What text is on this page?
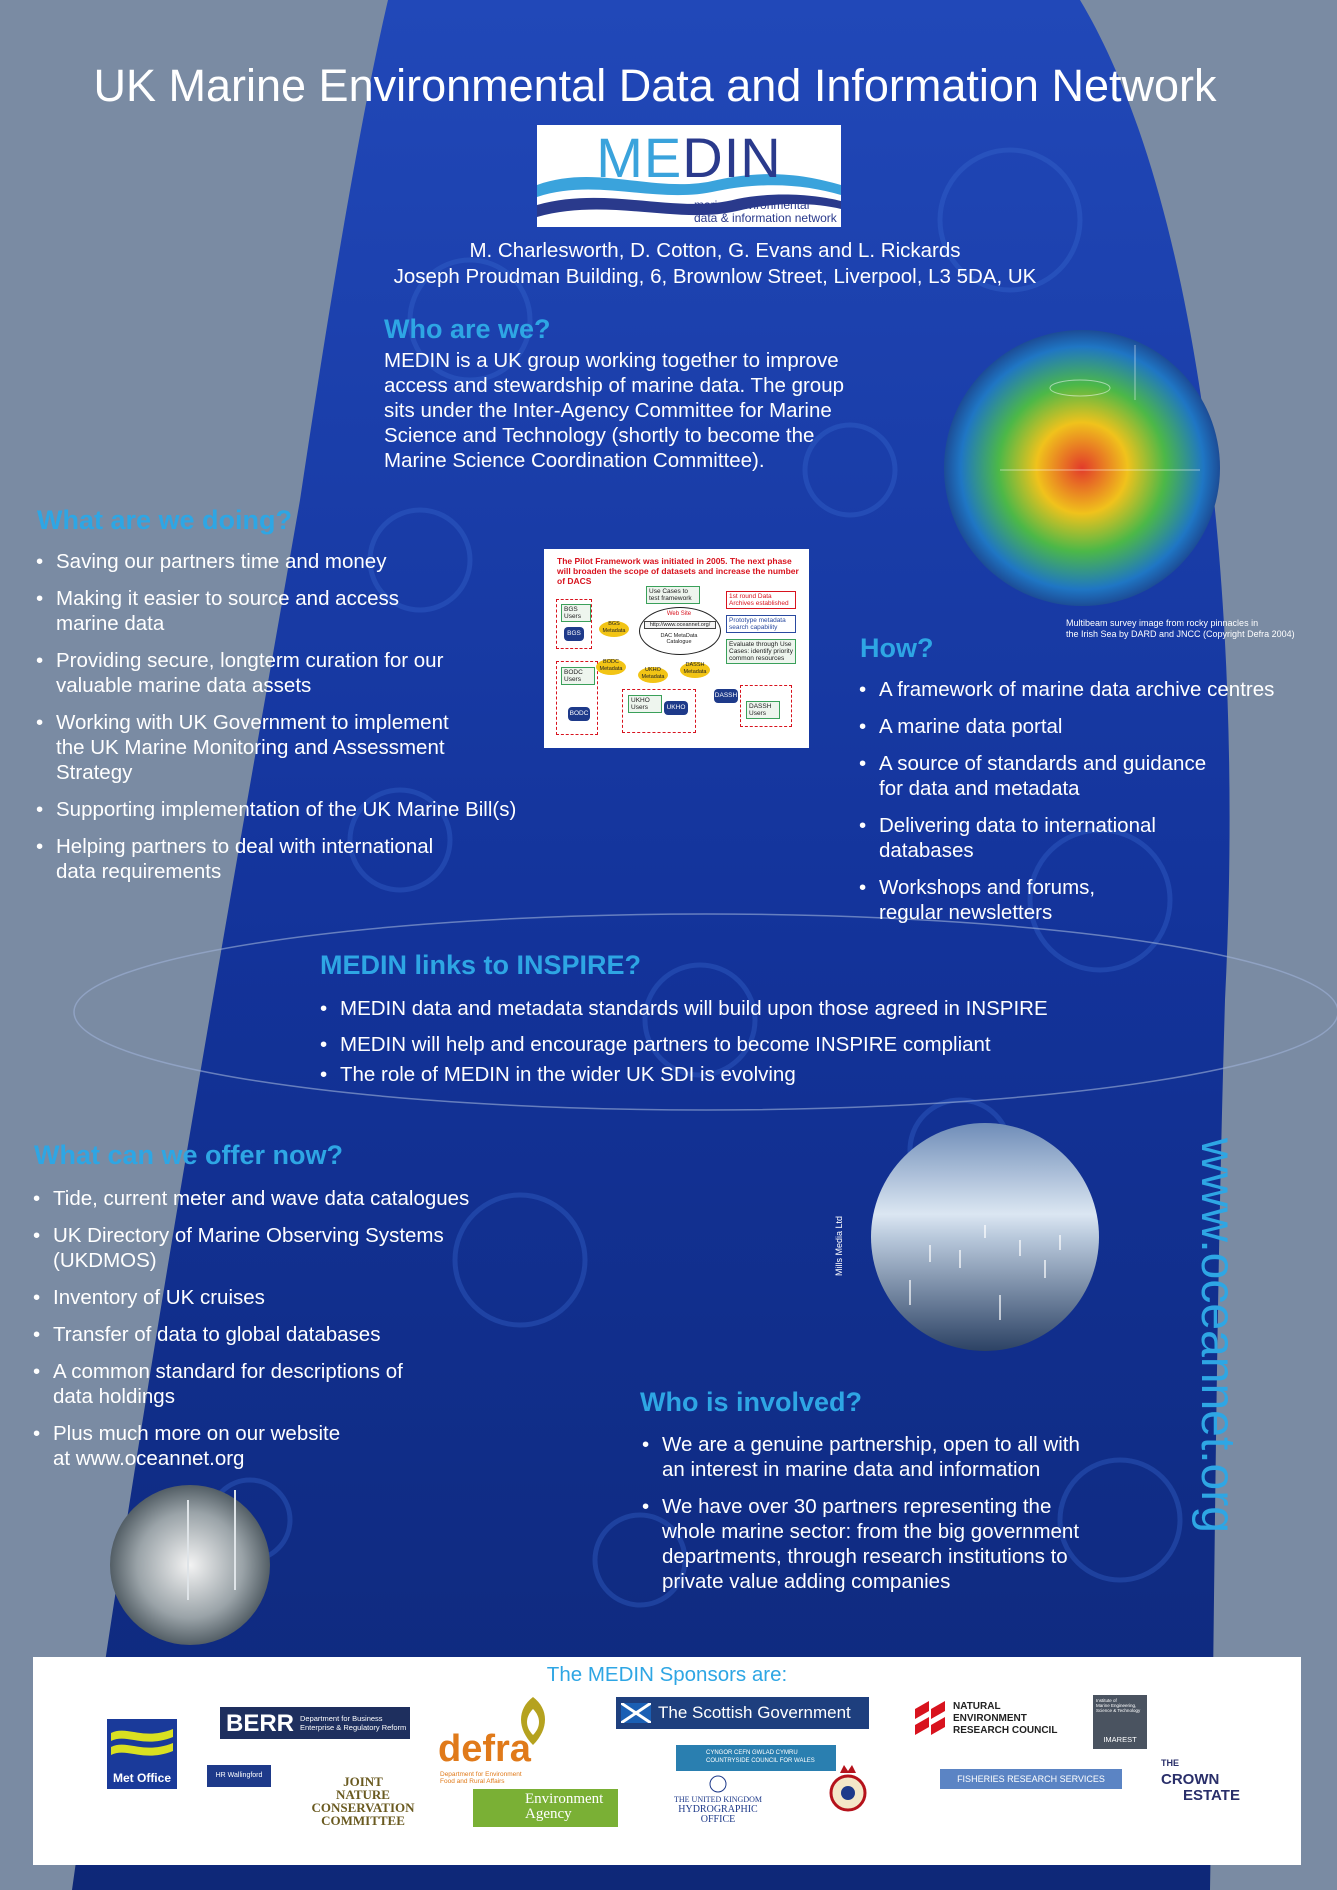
UK Marine Environmental Data and Information Network
MEDIN
marine environmental
data & information network
M. Charlesworth, D. Cotton, G. Evans and L. Rickards
Joseph Proudman Building, 6, Brownlow Street, Liverpool, L3 5DA, UK
Who are we?
MEDIN is a UK group working together to improve
access and stewardship of marine data. The group
sits under the Inter-Agency Committee for Marine
Science and Technology (shortly to become the
Marine Science Coordination Committee).
Multibeam survey image from rocky pinnacles in
the Irish Sea by DARD and JNCC (Copyright Defra 2004)
What are we doing?
• Saving our partners time and money
• Making it easier to source and access
marine data
• Providing secure, longterm curation for our
valuable marine data assets
• Working with UK Government to implement
the UK Marine Monitoring and Assessment
Strategy
• Supporting implementation of the UK Marine Bill(s)
• Helping partners to deal with international
data requirements
The Pilot Framework was initiated in 2005. The next phase will broaden the scope of datasets and increase the number of DACS
Use Cases to test framework	1st round Data Archives established
Prototype metadata search capability
Evaluate through Use Cases: identify priority common resources
BGS Users
BGS
BGS Metadata
Web Site
http://www.oceannet.org/
DAC MetaData Catalogue
BODC Users
BODC
BODC Metadata	UKHO Metadata
DASSH Metadata
UKHO Users	UKHO
DASSH
DASSH Users
How?
• A framework of marine data archive centres
• A marine data portal
• A source of standards and guidance
for data and metadata
• Delivering data to international
databases
• Workshops and forums,
regular newsletters
MEDIN links to INSPIRE?
• MEDIN data and metadata standards will build upon those agreed in INSPIRE
• MEDIN will help and encourage partners to become INSPIRE compliant
• The role of MEDIN in the wider UK SDI is evolving
What can we offer now?
• Tide, current meter and wave data catalogues
• UK Directory of Marine Observing Systems
(UKDMOS)
• Inventory of UK cruises
• Transfer of data to global databases
• A common standard for descriptions of
data holdings
• Plus much more on our website
at www.oceannet.org
Mills Media Ltd
Who is involved?
• We are a genuine partnership, open to all with
an interest in marine data and information
• We have over 30 partners representing the
whole marine sector: from the big government
departments, through research institutions to
private value adding companies
www.oceannet.org
The MEDIN Sponsors are:
Met Office
BERR Department for Business
Enterprise & Regulatory Reform
HR Wallingford	JOINT
NATURE
CONSERVATION
COMMITTEE
defra
Department for Environment
Food and Rural Affairs
Environment
Agency
The Scottish Government
CYNGOR CEFN GWLAD CYMRU COUNTRYSIDE COUNCIL FOR WALES
THE UNITED KINGDOM
HYDROGRAPHIC OFFICE
NATURAL
ENVIRONMENT
RESEARCH COUNCIL
FISHERIES RESEARCH SERVICES
Institute of
Marine Engineering,
Science & Technology
IMAREST
THE CROWN
ESTATE
